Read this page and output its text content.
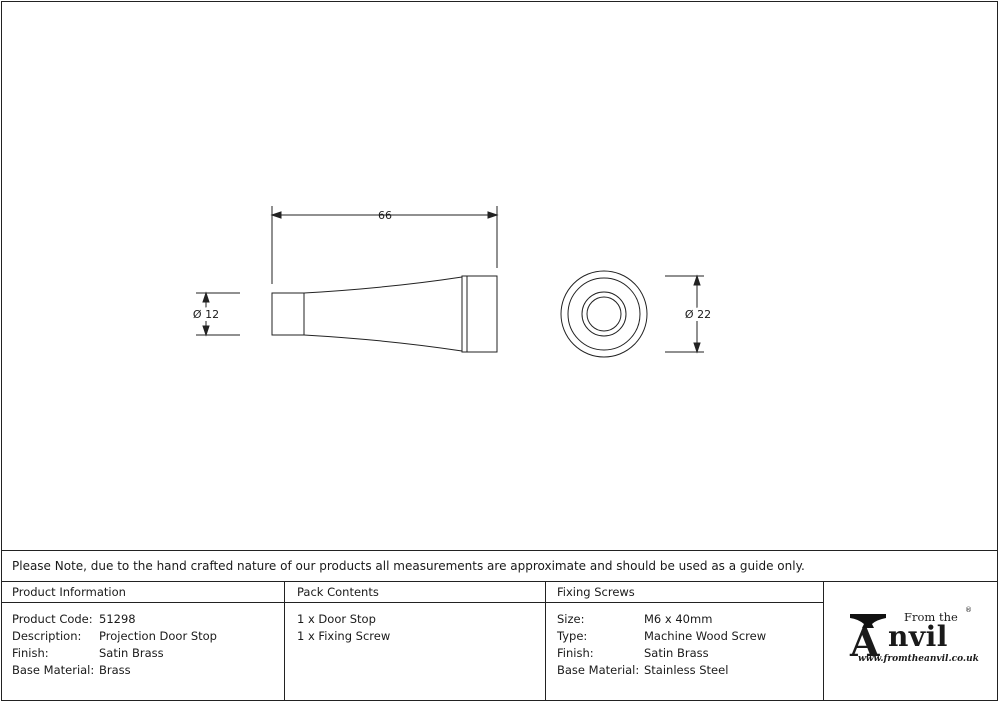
66
Ø 12	Ø 22
Please Note, due to the hand crafted nature of our products all measurements are approximate and should be used as a guide only.
Product Information
Product Code: 51298
Description: Projection Door Stop
Finish:	Satin Brass
Base Material: Brass
Pack Contents
1 x Door Stop
1 x Fixing Screw
Fixing Screws
Size:	M6 x 40mm
Type:	Machine Wood Screw
Finish:	Satin Brass
Base Material: Stainless Steel
From the ®
A nvil
www.fromtheanvil.co.uk
